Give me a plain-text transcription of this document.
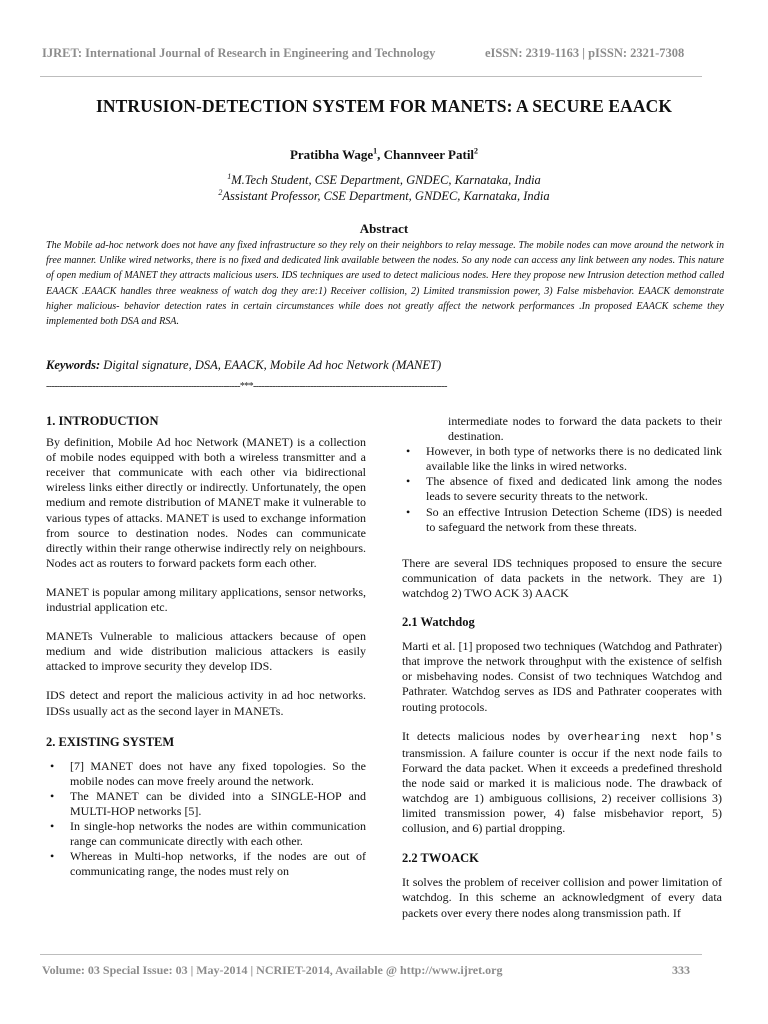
IJRET: International Journal of Research in Engineering and Technology	eISSN: 2319-1163 | pISSN: 2321-7308
INTRUSION-DETECTION SYSTEM FOR MANETS: A SECURE EAACK
Pratibha Wage$^1$, Channveer Patil$^2$
$^1$M.Tech Student, CSE Department, GNDEC, Karnataka, India
$^2$Assistant Professor, CSE Department, GNDEC, Karnataka, India
Abstract
The Mobile ad-hoc network does not have any fixed infrastructure so they rely on their neighbors to relay message. The mobile nodes can move around the network in free manner. Unlike wired networks, there is no fixed and dedicated link available between the nodes. So any node can access any link between any nodes. This nature of open medium of MANET they attracts malicious users. IDS techniques are used to detect malicious nodes. Here they propose new Intrusion detection method called EAACK .EAACK handles three weakness of watch dog they are:1) Receiver collision, 2) Limited transmission power, 3) False misbehavior. EAACK demonstrate higher malicious- behavior detection rates in certain circumstances while does not greatly affect the network performances .In proposed EAACK scheme they implemented both DSA and RSA.
Keywords: Digital signature, DSA, EAACK, Mobile Ad hoc Network (MANET)
-----------------------------------------------------------------------***-----------------------------------------------------------------------
1. INTRODUCTION

By definition, Mobile Ad hoc Network (MANET) is a collection of mobile nodes equipped with both a wireless transmitter and a receiver that communicate with each other via bidirectional wireless links either directly or indirectly. Unfortunately, the open medium and remote distribution of MANET make it vulnerable to various types of attacks. MANET is used to exchange information from source to destination nodes. Nodes can communicate directly within their range otherwise indirectly rely on neighbours. Nodes act as routers to forward packets form each other.

MANET is popular among military applications, sensor networks, industrial application etc.

MANETs Vulnerable to malicious attackers because of open medium and wide distribution malicious attackers is easily attacked to improve security they develop IDS.

IDS detect and report the malicious activity in ad hoc networks. IDSs usually act as the second layer in MANETs.

2. EXISTING SYSTEM
• [7] MANET does not have any fixed topologies. So the mobile nodes can move freely around the network.
• The MANET can be divided into a SINGLE-HOP and MULTI-HOP networks [5].
• In single-hop networks the nodes are within communication range can communicate directly with each other.
• Whereas in Multi-hop networks, if the nodes are out of communicating range, the nodes must rely on

intermediate nodes to forward the data packets to their destination.

• However, in both type of networks there is no dedicated link available like the links in wired networks.
• The absence of fixed and dedicated link among the nodes leads to severe security threats to the network.
• So an effective Intrusion Detection Scheme (IDS) is needed to safeguard the network from these threats.

There are several IDS techniques proposed to ensure the secure communication of data packets in the network. They are 1) watchdog 2) TWO ACK 3) AACK

2.1 Watchdog

Marti et al. [1] proposed two techniques (Watchdog and Pathrater) that improve the network throughput with the existence of selfish or misbehaving nodes. Consist of two techniques Watchdog and Pathrater. Watchdog serves as IDS and Pathrater cooperates with routing protocols.

It detects malicious nodes by overhearing next hop's transmission. A failure counter is occur if the next node fails to Forward the data packet. When it exceeds a predefined threshold the node said or marked it is malicious node. The drawback of watchdog are 1) ambiguous collisions, 2) receiver collisions 3) limited transmission power, 4) false misbehavior report, 5) collusion, and 6) partial dropping.

2.2 TWOACK

It solves the problem of receiver collision and power limitation of watchdog. In this scheme an acknowledgment of every data packets over every there nodes along transmission path. If

Volume: 03 Special Issue: 03 | May-2014 | NCRIET-2014, Available @ http://www.ijret.org	333
